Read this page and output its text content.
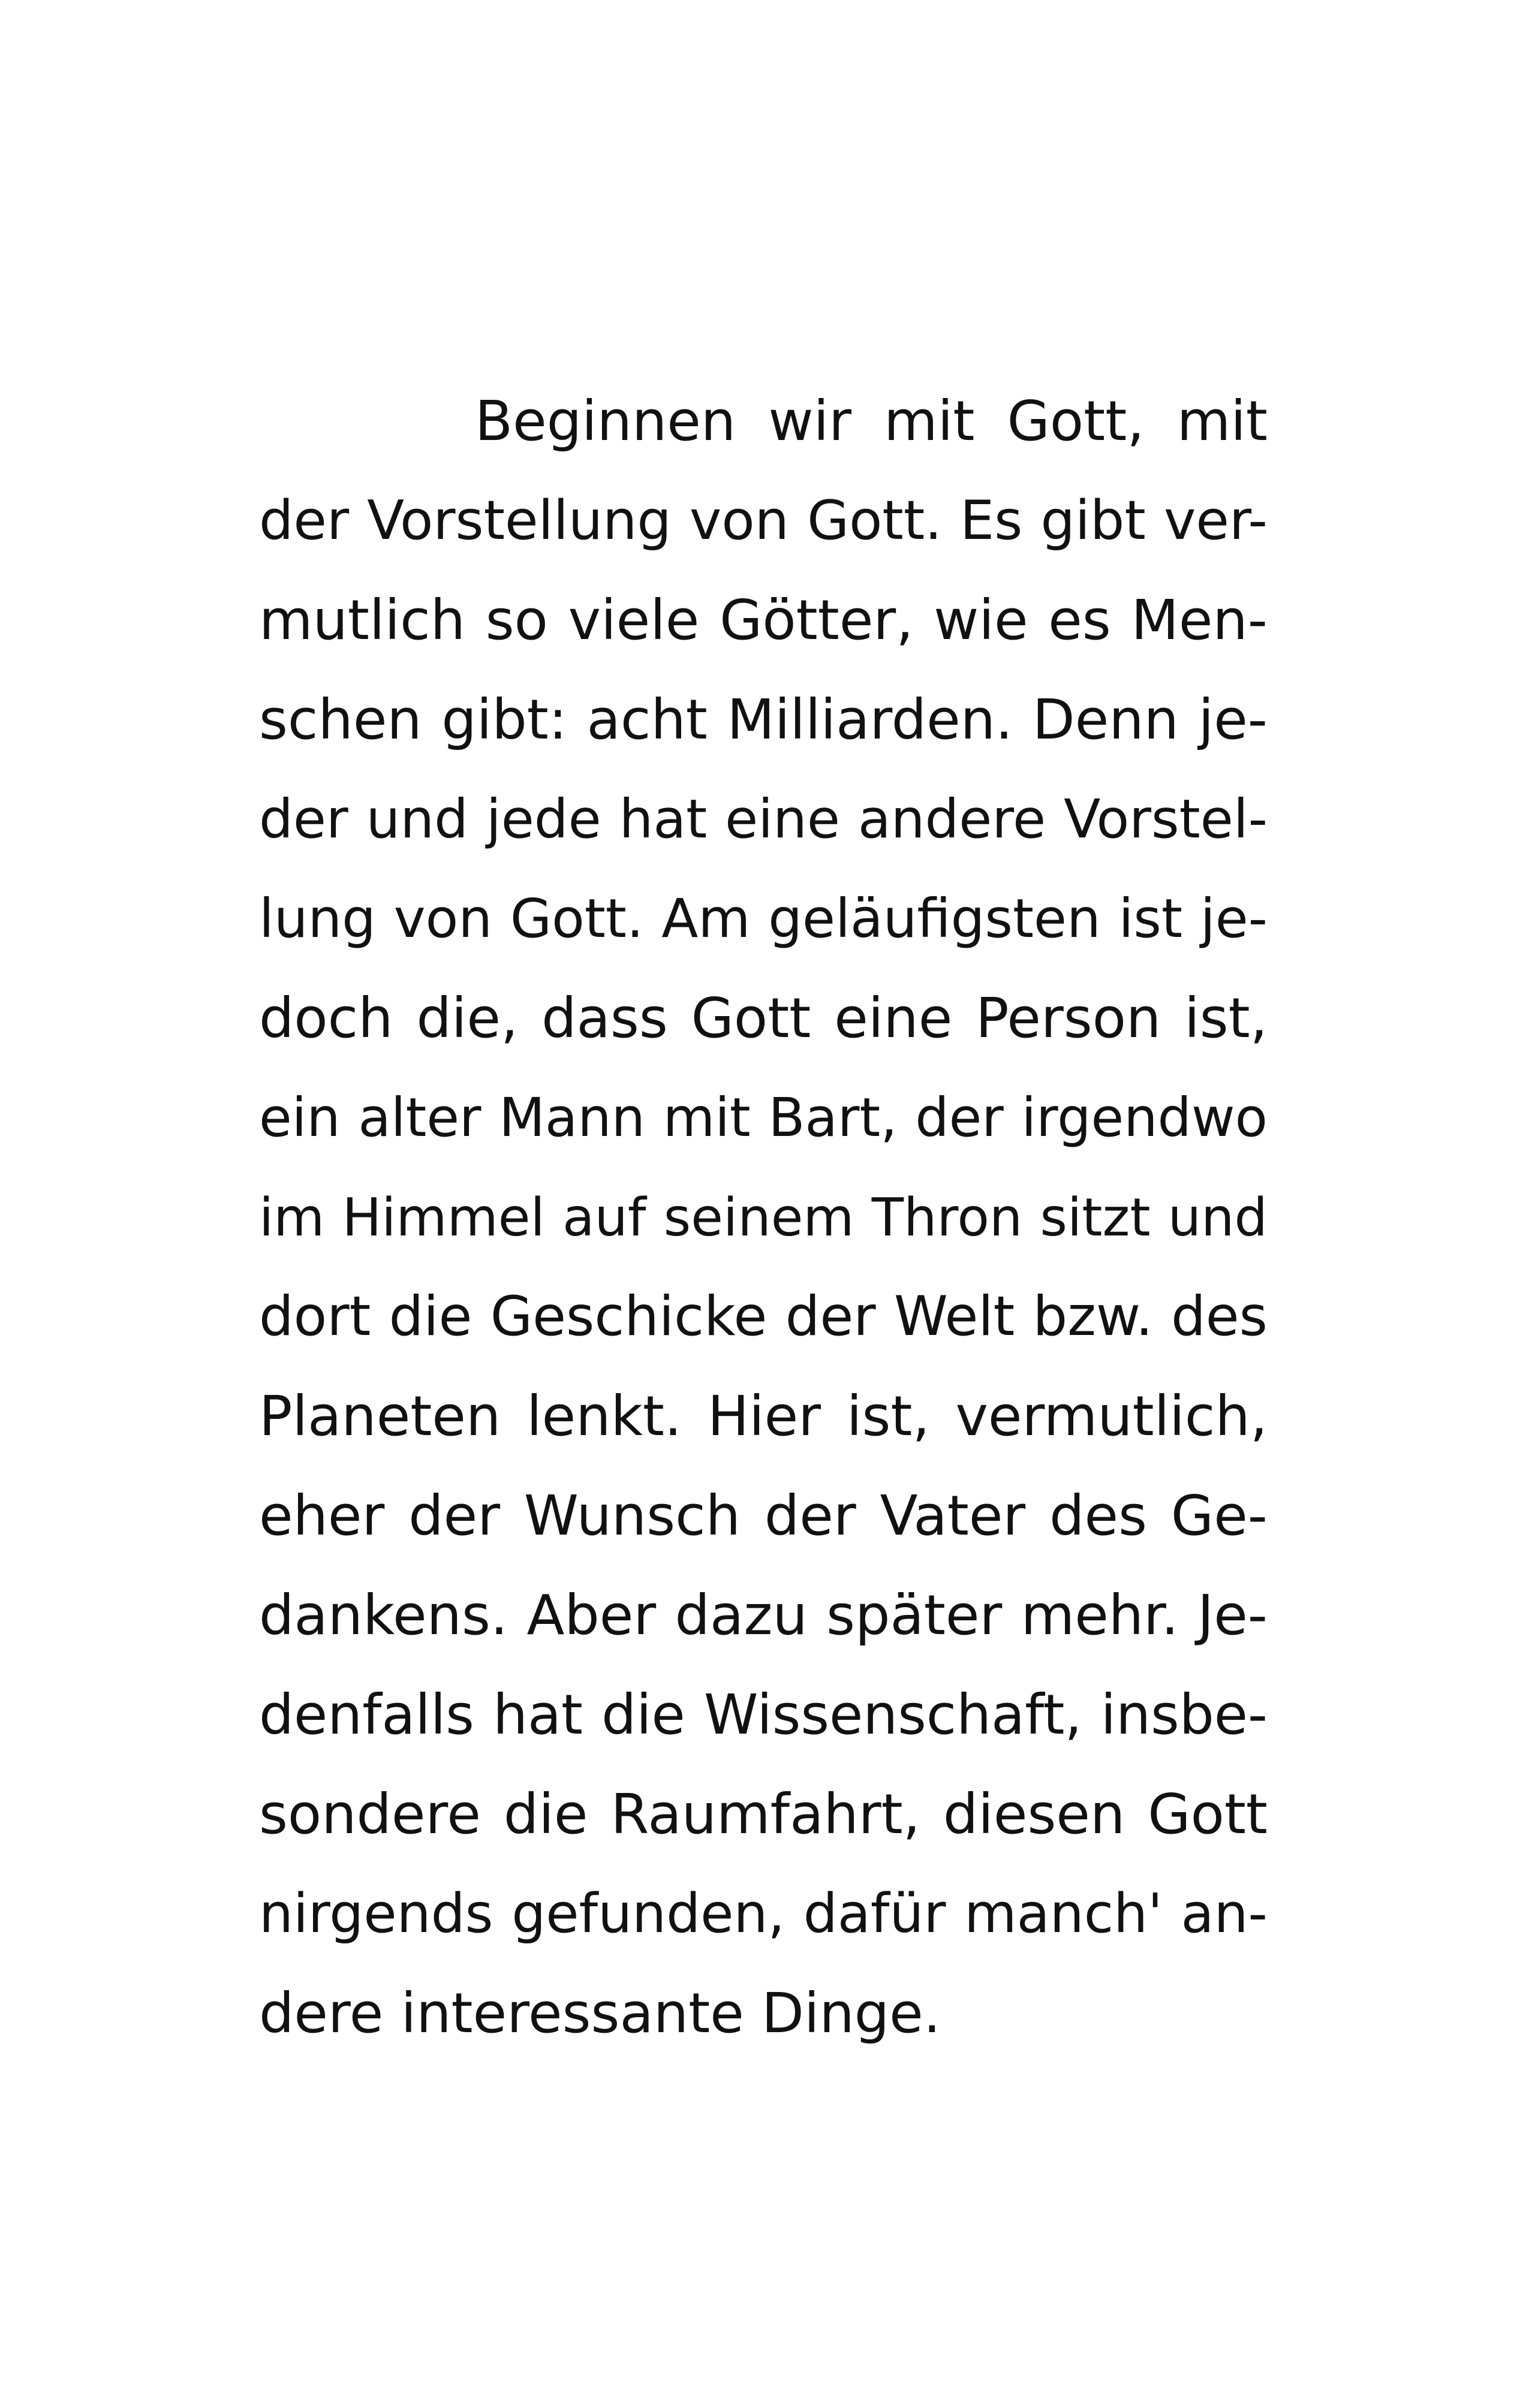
Beginnen wir mit Gott, mit
der Vorstellung von Gott. Es gibt ver-
mutlich so viele Götter, wie es Men-
schen gibt: acht Milliarden. Denn je-
der und jede hat eine andere Vorstel-
lung von Gott. Am geläufigsten ist je-
doch die, dass Gott eine Person ist,
ein alter Mann mit Bart, der irgendwo
im Himmel auf seinem Thron sitzt und
dort die Geschicke der Welt bzw. des
Planeten lenkt. Hier ist, vermutlich,
eher der Wunsch der Vater des Ge-
dankens. Aber dazu später mehr. Je-
denfalls hat die Wissenschaft, insbe-
sondere die Raumfahrt, diesen Gott
nirgends gefunden, dafür manch' an-
dere interessante Dinge.
